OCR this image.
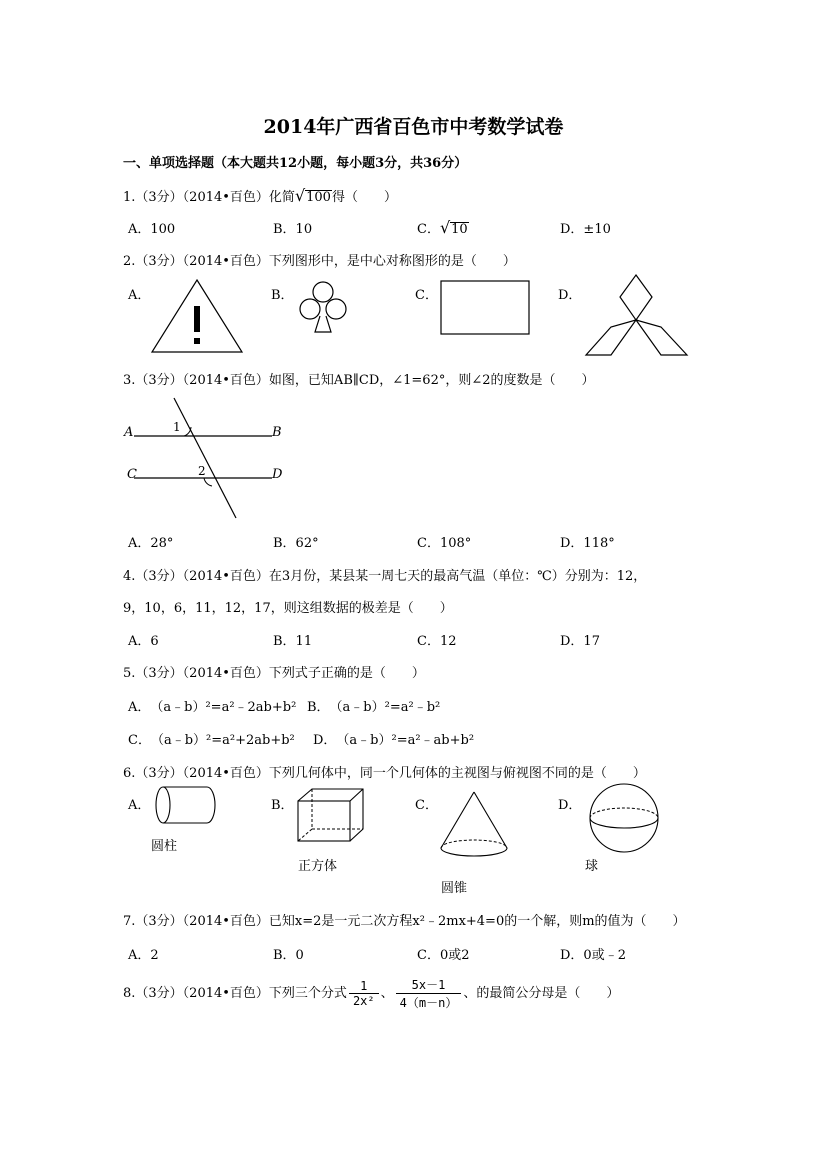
2014年广西省百色市中考数学试卷
一、单项选择题（本大题共12小题，每小题3分，共36分）
1.（3分）（2014•百色）化简√100得（　　）
A．100	B．10	C．√10	D．±10
2.（3分）（2014•百色）下列图形中，是中心对称图形的是（　　）
A．	B．	C．	D．
3.（3分）（2014•百色）如图，已知AB∥CD，∠1=62°，则∠2的度数是（　　）
A	B
C	D
1
2
A．28°	B．62°	C．108°	D．118°
4.（3分）（2014•百色）在3月份，某县某一周七天的最高气温（单位：℃）分别为：12，
9，10，6，11，12，17，则这组数据的极差是（　　）
A．6	B．11	C．12	D．17
5.（3分）（2014•百色）下列式子正确的是（　　）
A．　（a﹣b）²=a²﹣2ab+b² B．　（a﹣b）²=a²﹣b²
C．　（a﹣b）²=a²+2ab+b² D．　（a﹣b）²=a²﹣ab+b²
6.（3分）（2014•百色）下列几何体中，同一个几何体的主视图与俯视图不同的是（　　）
A．	B．	C．	D．
圆柱
正方体
圆锥
球
7.（3分）（2014•百色）已知x=2是一元二次方程x²﹣2mx+4=0的一个解，则m的值为（　　）
A．2	B．0	C．0或2	D．0或﹣2
8.（3分）（2014•百色）下列三个分式 $\frac{1}{\text{2x²}}$ 、 $\frac{5x-1}{4(m-n)}$ 、的最简公分母是（　　）
